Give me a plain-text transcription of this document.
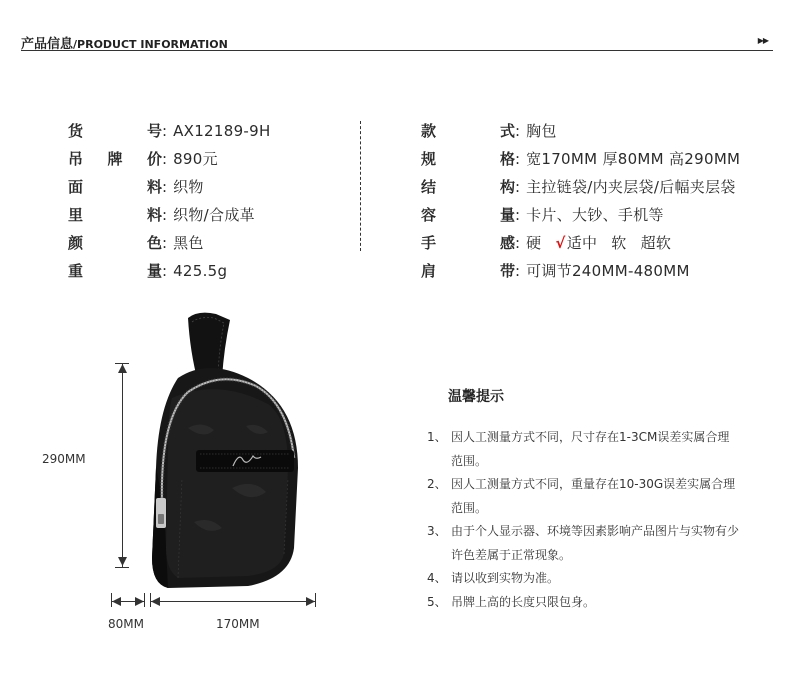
产品信息/PRODUCT INFORMATION	▶▶
货	号 : AX12189-9H
吊 牌 价 : 890元
面	料 : 织物
里	料 : 织物/合成革
颜	色 : 黑色
重	量 : 425.5g
款	式 : 胸包
规	格 : 宽170MM 厚80MM 高290MM
结	构 : 主拉链袋/内夹层袋/后幅夹层袋
容	量 : 卡片、大钞、手机等
手	感 : 硬 √适中 软 超软
肩	带 : 可调节240MM-480MM
290MM
80MM	170MM
温馨提示
1、 因人工测量方式不同，尺寸存在1-3CM误差实属合理范围。
2、 因人工测量方式不同，重量存在10-30G误差实属合理范围。
3、 由于个人显示器、环境等因素影响产品图片与实物有少许色差属于正常现象。
4、 请以收到实物为准。
5、 吊牌上高的长度只限包身。
